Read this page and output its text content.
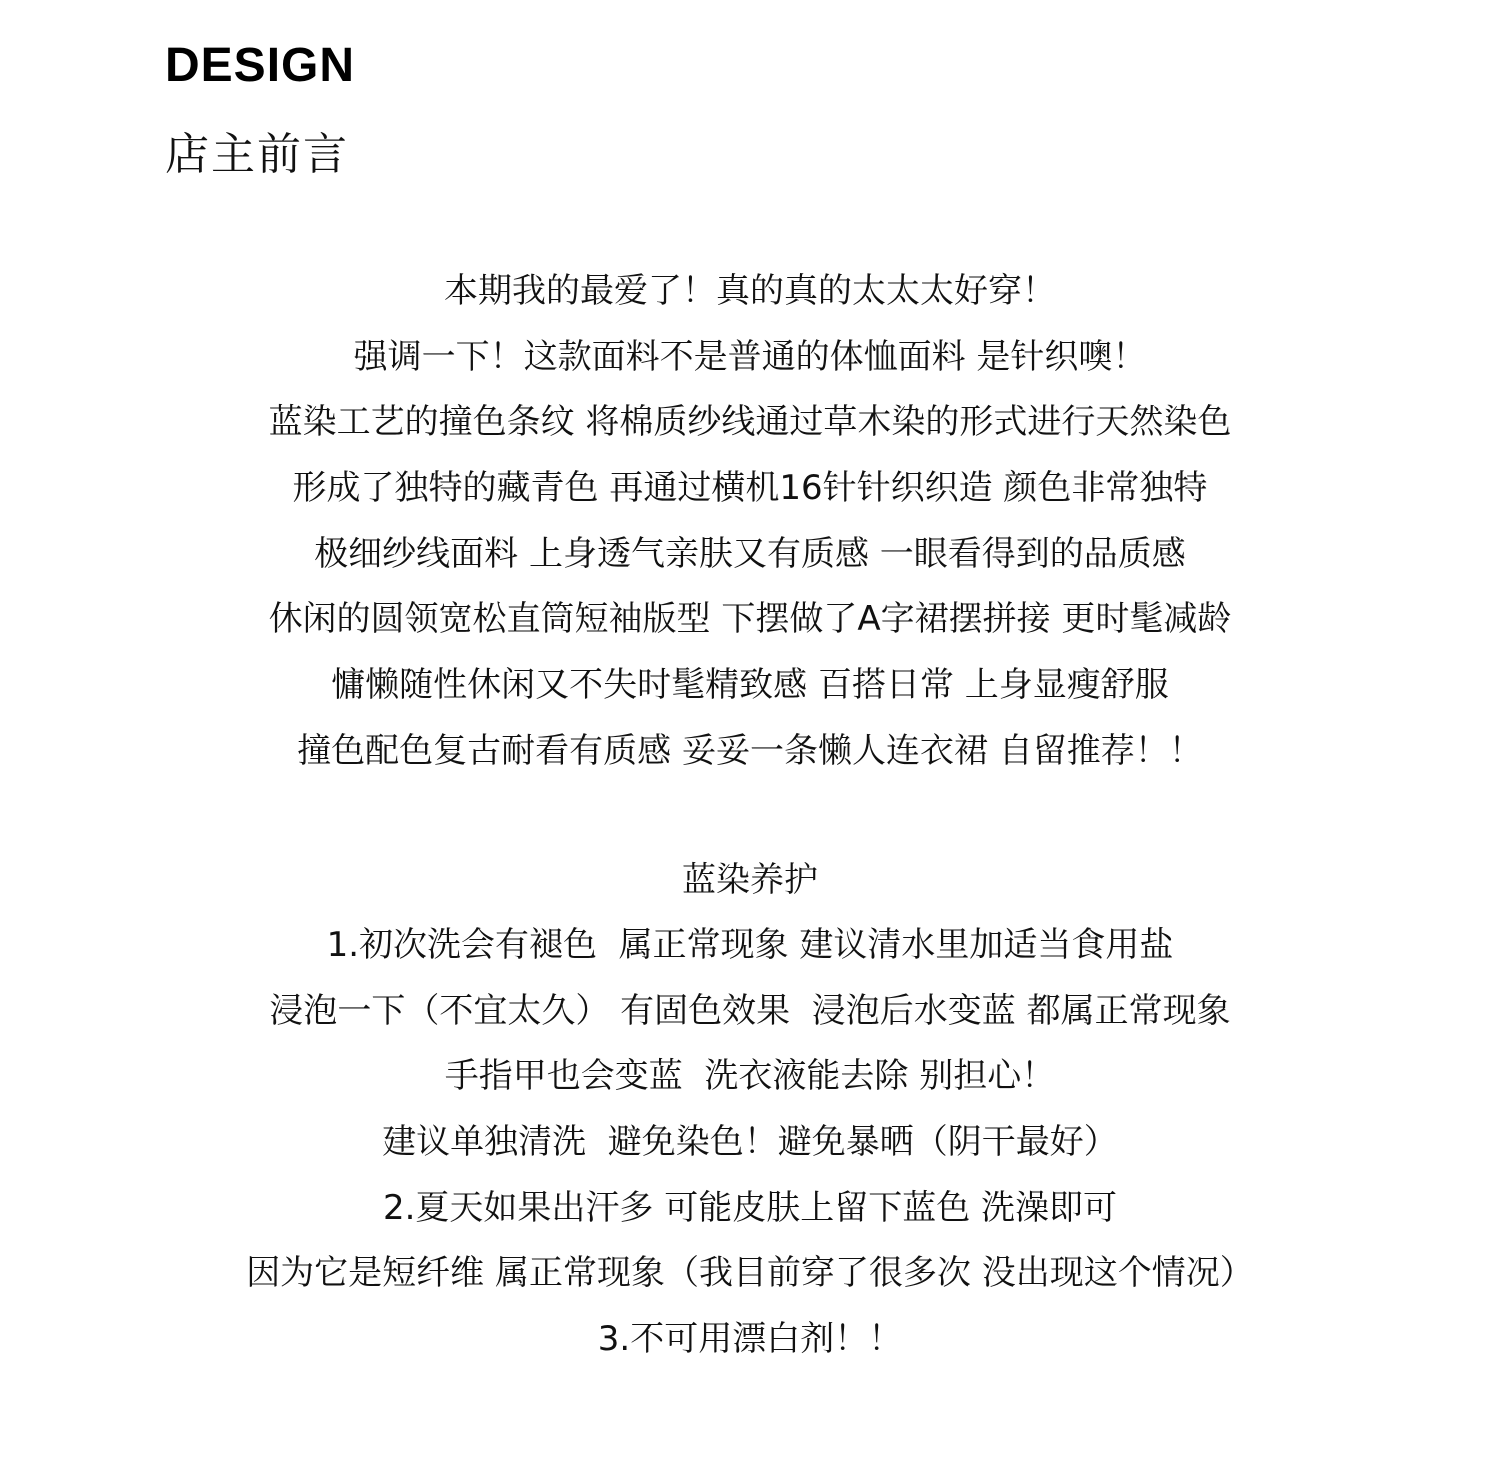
DESIGN
店主前言
本期我的最爱了！真的真的太太太好穿！
强调一下！这款面料不是普通的体恤面料 是针织噢！
蓝染工艺的撞色条纹 将棉质纱线通过草木染的形式进行天然染色
形成了独特的藏青色 再通过横机16针针织织造 颜色非常独特
极细纱线面料 上身透气亲肤又有质感 一眼看得到的品质感
休闲的圆领宽松直筒短袖版型 下摆做了A字裙摆拼接 更时髦减龄
慵懒随性休闲又不失时髦精致感 百搭日常 上身显瘦舒服
撞色配色复古耐看有质感 妥妥一条懒人连衣裙 自留推荐！！
蓝染养护
1.初次洗会有褪色  属正常现象 建议清水里加适当食用盐
浸泡一下（不宜太久） 有固色效果  浸泡后水变蓝 都属正常现象
手指甲也会变蓝  洗衣液能去除 别担心！
建议单独清洗  避免染色！避免暴晒（阴干最好）
2.夏天如果出汗多 可能皮肤上留下蓝色 洗澡即可
因为它是短纤维 属正常现象（我目前穿了很多次 没出现这个情况）
3.不可用漂白剂！！
